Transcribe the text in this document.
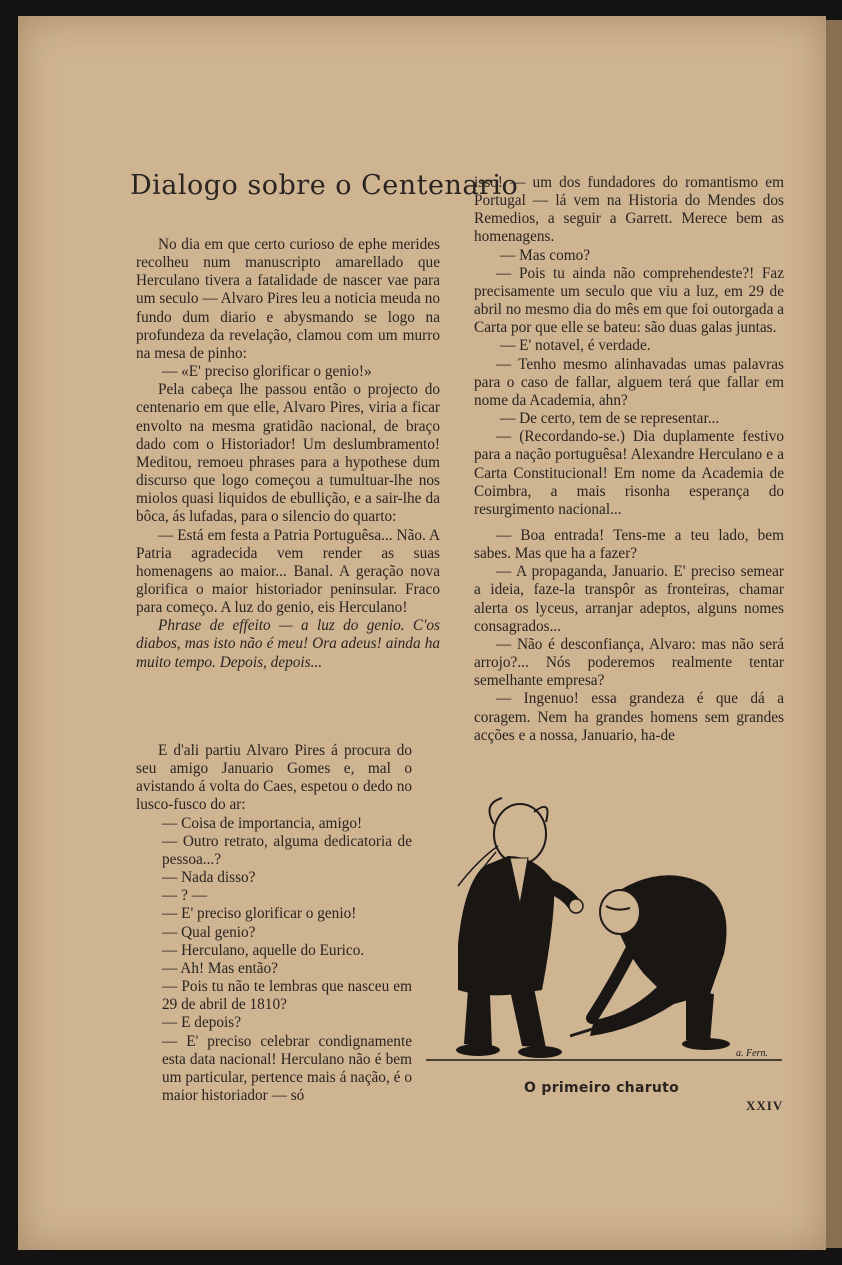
Dialogo sobre o Centenario

No dia em que certo curioso de ephe merides recolheu num manuscripto amarellado que Herculano tivera a fatalidade de nascer vae para um seculo — Alvaro Pires leu a noticia meuda no fundo dum diario e abysmando se logo na profundeza da revelação, clamou com um murro na mesa de pinho:

— «E' preciso glorificar o genio!»

Pela cabeça lhe passou então o projecto do centenario em que elle, Alvaro Pires, viria a ficar envolto na mesma gratidão nacional, de braço dado com o Historiador! Um deslumbramento! Meditou, remoeu phrases para a hypothese dum discurso que logo começou a tumultuar-lhe nos miolos quasi liquidos de ebullição, e a sair-lhe da bôca, ás lufadas, para o silencio do quarto:

— Está em festa a Patria Portuguêsa... Não. A Patria agradecida vem render as suas homenagens ao maior... Banal. A geração nova glorifica o maior historiador peninsular. Fraco para começo. A luz do genio, eis Herculano!

Phrase de effeito — a luz do genio. C'os diabos, mas isto não é meu! Ora adeus! ainda ha muito tempo. Depois, depois...

E d'ali partiu Alvaro Pires á procura do seu amigo Januario Gomes e, mal o avistando á volta do Caes, espetou o dedo no lusco-fusco do ar:

— Coisa de importancia, amigo!

— Outro retrato, alguma dedicatoria de pessoa...?

— Nada disso?

— ? —

— E' preciso glorificar o genio!

— Qual genio?

— Herculano, aquelle do Eurico.

— Ah! Mas então?

— Pois tu não te lembras que nasceu em 29 de abril de 1810?

— E depois?

— E' preciso celebrar condignamente esta data nacional! Herculano não é bem um particular, pertence mais á nação, é o maior historiador — só

isso! — um dos fundadores do romantismo em Portugal — lá vem na Historia do Mendes dos Remedios, a seguir a Garrett. Merece bem as homenagens.

— Mas como?

— Pois tu ainda não comprehendeste?! Faz precisamente um seculo que viu a luz, em 29 de abril no mesmo dia do mês em que foi outorgada a Carta por que elle se bateu: são duas galas juntas.

— E' notavel, é verdade.

— Tenho mesmo alinhavadas umas palavras para o caso de fallar, alguem terá que fallar em nome da Academia, ahn?

— De certo, tem de se representar...

— (Recordando-se.) Dia duplamente festivo para a nação portuguêsa! Alexandre Herculano e a Carta Constitucional! Em nome da Academia de Coimbra, a mais risonha esperança do resurgimento nacional...

— Boa entrada! Tens-me a teu lado, bem sabes. Mas que ha a fazer?

— A propaganda, Januario. E' preciso semear a ideia, faze-la transpôr as fronteiras, chamar alerta os lyceus, arranjar adeptos, alguns nomes consagrados...

— Não é desconfiança, Alvaro: mas não será arrojo?... Nós poderemos realmente tentar semelhante empresa?

— Ingenuo! essa grandeza é que dá a coragem. Nem ha grandes homens sem grandes acções e a nossa, Januario, ha-de

a. Fern.
O primeiro charuto
XXIV
